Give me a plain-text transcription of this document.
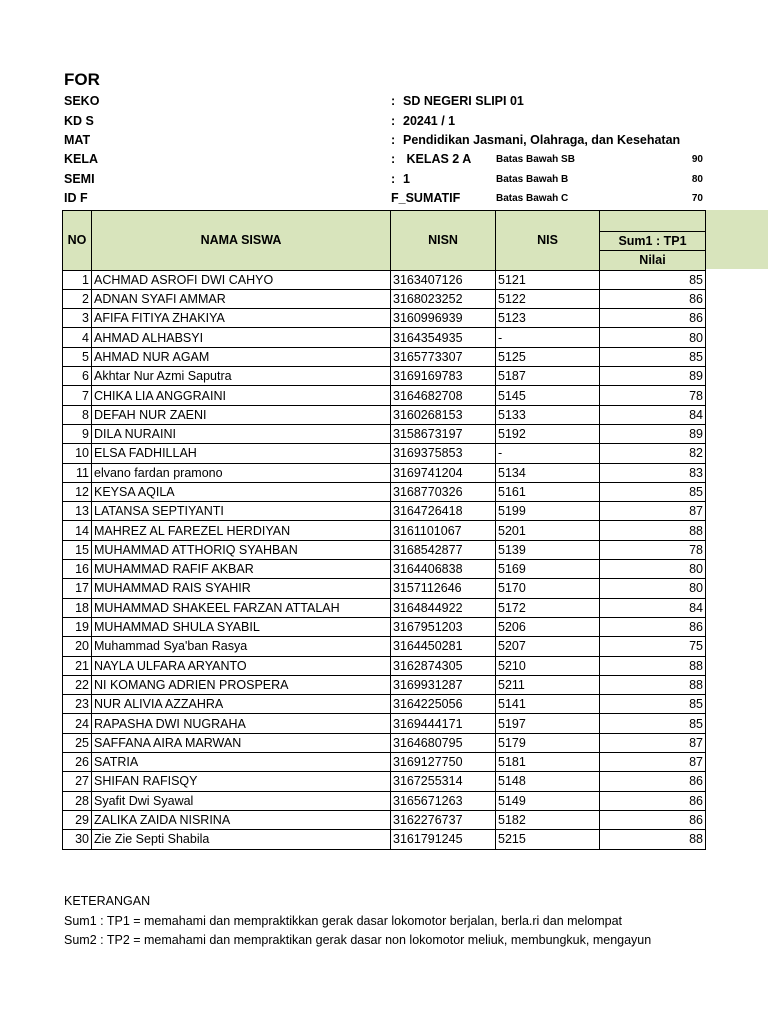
FOR
SEKO	: SD NEGERI SLIPI 01
KD S	: 20241 / 1
MAT	: Pendidikan Jasmani, Olahraga, dan Kesehatan
KELA	: KELAS 2 A Batas Bawah SB	90
SEMI	: 1	Batas Bawah B	80
ID F	F_SUMATIF	Batas Bawah C	70
NO	NAMA SISWA	NISN	NIS	
				Sum1 : TP1
				Nilai
1	ACHMAD ASROFI DWI CAHYO	3163407126	5121	85
2	ADNAN SYAFI AMMAR	3168023252	5122	86
3	AFIFA FITIYA ZHAKIYA	3160996939	5123	86
4	AHMAD ALHABSYI	3164354935	-	80
5	AHMAD NUR AGAM	3165773307	5125	85
6	Akhtar Nur Azmi Saputra	3169169783	5187	89
7	CHIKA LIA ANGGRAINI	3164682708	5145	78
8	DEFAH NUR ZAENI	3160268153	5133	84
9	DILA NURAINI	3158673197	5192	89
10	ELSA FADHILLAH	3169375853	-	82
11	elvano fardan pramono	3169741204	5134	83
12	KEYSA AQILA	3168770326	5161	85
13	LATANSA SEPTIYANTI	3164726418	5199	87
14	MAHREZ AL FAREZEL HERDIYAN	3161101067	5201	88
15	MUHAMMAD ATTHORIQ SYAHBAN	3168542877	5139	78
16	MUHAMMAD RAFIF AKBAR	3164406838	5169	80
17	MUHAMMAD RAIS SYAHIR	3157112646	5170	80
18	MUHAMMAD SHAKEEL FARZAN ATTALAH	3164844922	5172	84
19	MUHAMMAD SHULA SYABIL	3167951203	5206	86
20	Muhammad Sya'ban Rasya	3164450281	5207	75
21	NAYLA ULFARA ARYANTO	3162874305	5210	88
22	NI KOMANG ADRIEN PROSPERA	3169931287	5211	88
23	NUR ALIVIA AZZAHRA	3164225056	5141	85
24	RAPASHA DWI NUGRAHA	3169444171	5197	85
25	SAFFANA AIRA MARWAN	3164680795	5179	87
26	SATRIA	3169127750	5181	87
27	SHIFAN RAFISQY	3167255314	5148	86
28	Syafit Dwi Syawal	3165671263	5149	86
29	ZALIKA ZAIDA NISRINA	3162276737	5182	86
30	Zie Zie Septi Shabila	3161791245	5215	88
KETERANGAN
Sum1 : TP1 = memahami dan mempraktikkan gerak dasar lokomotor berjalan, berla.ri dan melompat
Sum2 : TP2 = memahami dan mempraktikan gerak dasar non lokomotor meliuk, membungkuk, mengayun
